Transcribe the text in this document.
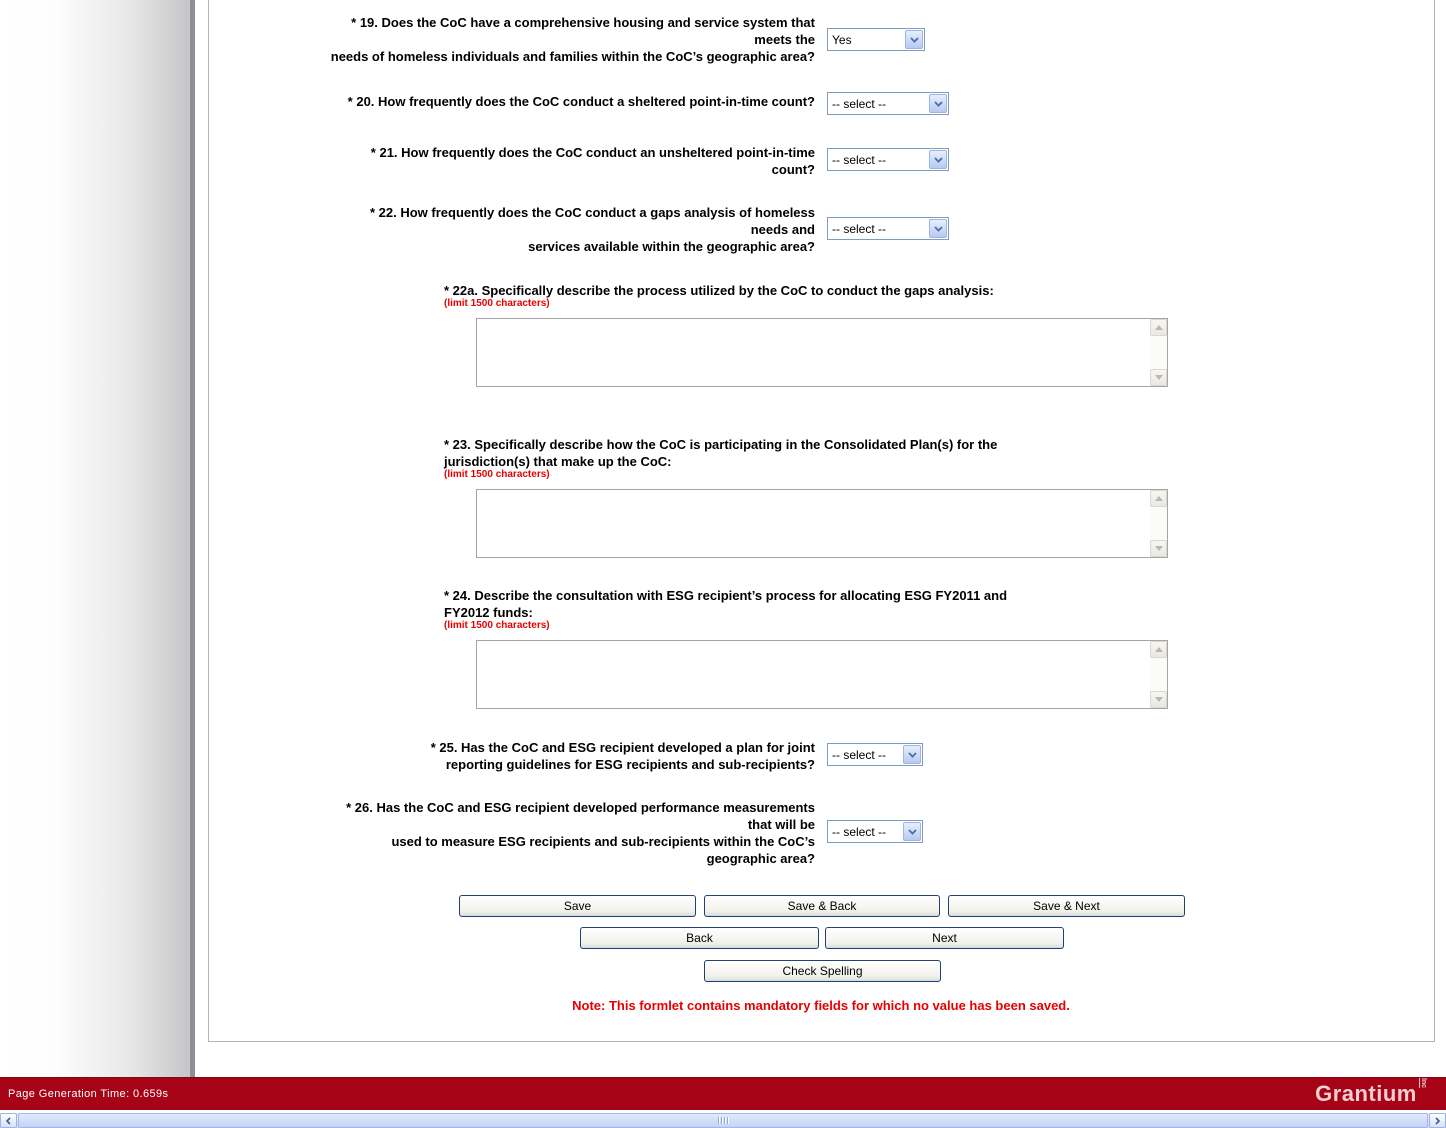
* 19. Does the CoC have a comprehensive housing and service system that
meets the
needs of homeless individuals and families within the CoC’s geographic area?
Yes
* 20. How frequently does the CoC conduct a sheltered point-in-time count?	-- select --
* 21. How frequently does the CoC conduct an unsheltered point-in-time
count?
-- select --
* 22. How frequently does the CoC conduct a gaps analysis of homeless
needs and
services available within the geographic area?
-- select --
* 22a. Specifically describe the process utilized by the CoC to conduct the gaps analysis:
(limit 1500 characters)
* 23. Specifically describe how the CoC is participating in the Consolidated Plan(s) for the
jurisdiction(s) that make up the CoC:
(limit 1500 characters)
* 24. Describe the consultation with ESG recipient’s process for allocating ESG FY2011 and
FY2012 funds:
(limit 1500 characters)
* 25. Has the CoC and ESG recipient developed a plan for joint
reporting guidelines for ESG recipients and sub-recipients?
-- select --
* 26. Has the CoC and ESG recipient developed performance measurements
that will be
used to measure ESG recipients and sub-recipients within the CoC’s
geographic area?
-- select --
Save	Save & Back	Save & Next
Back	Next
Check Spelling
Note: This formlet contains mandatory fields for which no value has been saved.
Page Generation Time: 0.659s	Grantium Inc
